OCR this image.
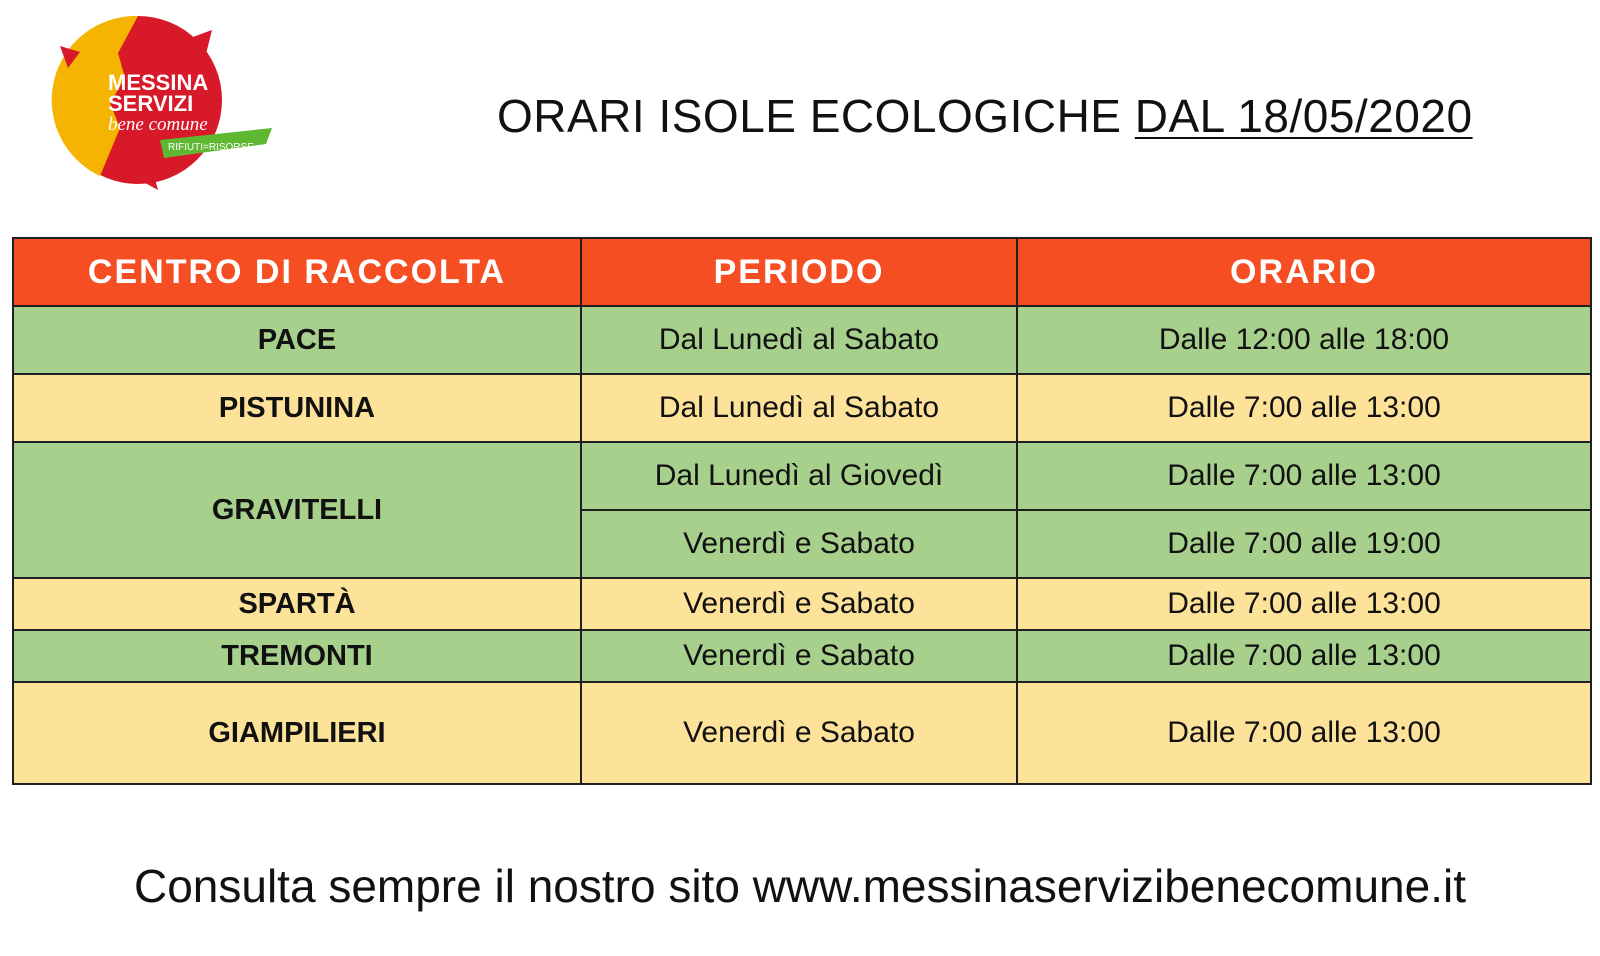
MESSINA
SERVIZI
bene comune
RIFIUTI=RISORSE
ORARI ISOLE ECOLOGICHE DAL 18/05/2020
CENTRO DI RACCOLTA	PERIODO	ORARIO
PACE	Dal Lunedì al Sabato	Dalle 12:00 alle 18:00
PISTUNINA	Dal Lunedì al Sabato	Dalle 7:00 alle 13:00
GRAVITELLI	Dal Lunedì al Giovedì	Dalle 7:00 alle 13:00
	Venerdì e Sabato	Dalle 7:00 alle 19:00
SPARTÀ	Venerdì e Sabato	Dalle 7:00 alle 13:00
TREMONTI	Venerdì e Sabato	Dalle 7:00 alle 13:00
GIAMPILIERI	Venerdì e Sabato	Dalle 7:00 alle 13:00
Consulta sempre il nostro sito www.messinaservizibenecomune.it
